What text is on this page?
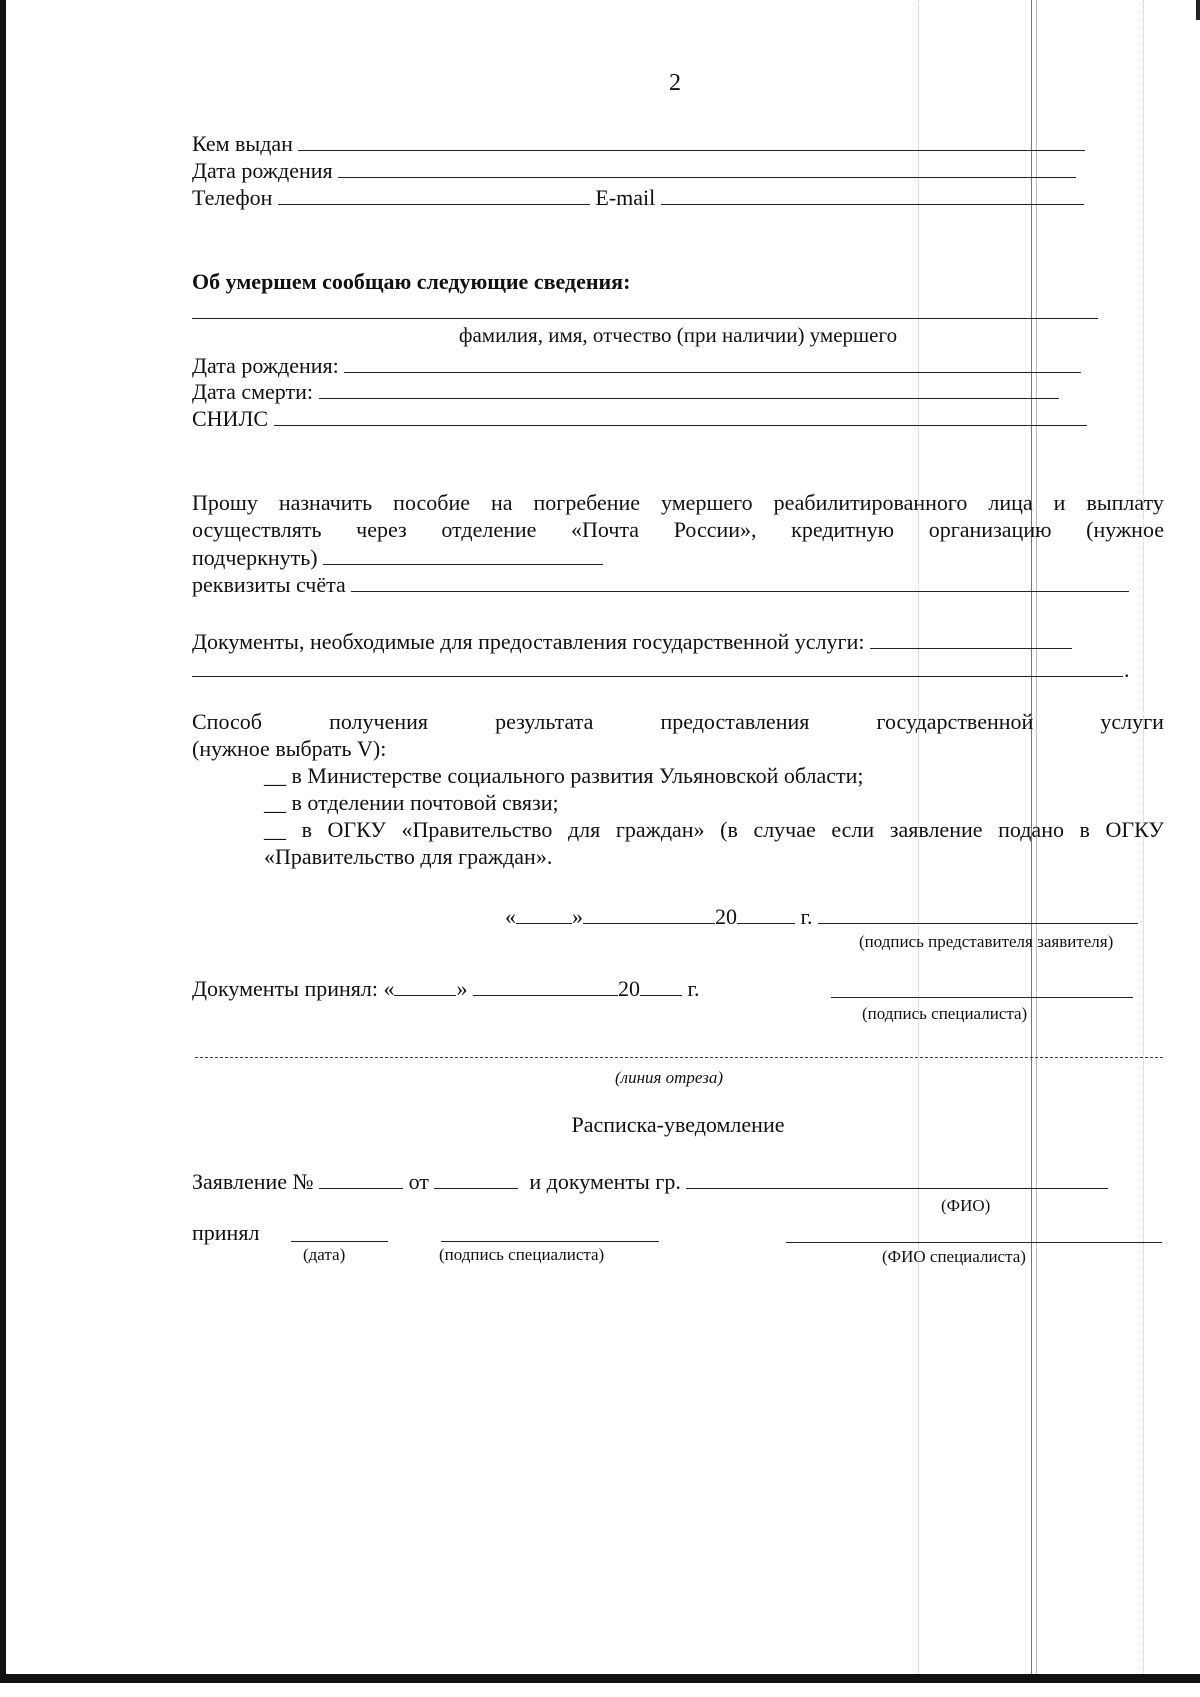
2
Кем выдан
Дата рождения
Телефон	E-mail
Об умершем сообщаю следующие сведения:
фамилия, имя, отчество (при наличии) умершего
Дата рождения:
Дата смерти:
СНИЛС
Прошу назначить пособие на погребение умершего реабилитированного лица и выплату
осуществлять через отделение «Почта России», кредитную организацию (нужное
подчеркнуть)
реквизиты счёта
Документы, необходимые для предоставления государственной услуги:
.
Способ	получения	результата	предоставления	государственной	услуги
(нужное выбрать V):
__ в Министерстве социального развития Ульяновской области;
__ в отделении почтовой связи;
__ в ОГКУ «Правительство для граждан» (в случае если заявление подано в ОГКУ
«Правительство для граждан».
«	»	20	г.
(подпись представителя заявителя)
Документы принял: «	»	20 г.
(подпись специалиста)
(линия отреза)
Расписка-уведомление
Заявление №	от	и документы гр.
(ФИО)
принял
(дата)	(подпись специалиста)	(ФИО специалиста)
